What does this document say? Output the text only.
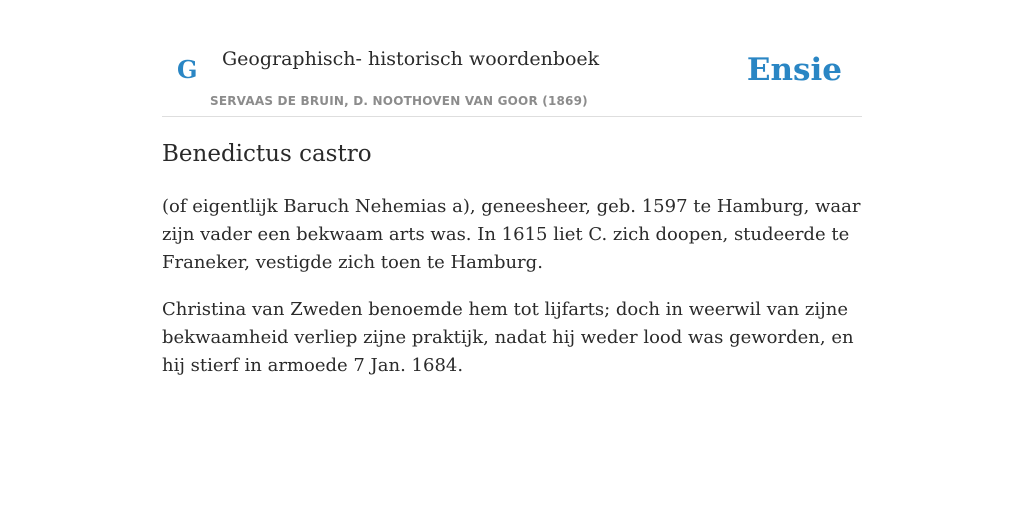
G Geographisch- historisch woordenboek
SERVAAS DE BRUIN, D. NOOTHOVEN VAN GOOR (1869)
Ensie
Benedictus castro

(of eigentlijk Baruch Nehemias a), geneesheer, geb. 1597 te Hamburg, waar zijn vader een bekwaam arts was. In 1615 liet C. zich doopen, studeerde te Franeker, vestigde zich toen te Hamburg.

Christina van Zweden benoemde hem tot lijfarts; doch in weerwil van zijne bekwaamheid verliep zijne praktijk, nadat hij weder lood was geworden, en hij stierf in armoede 7 Jan. 1684.
